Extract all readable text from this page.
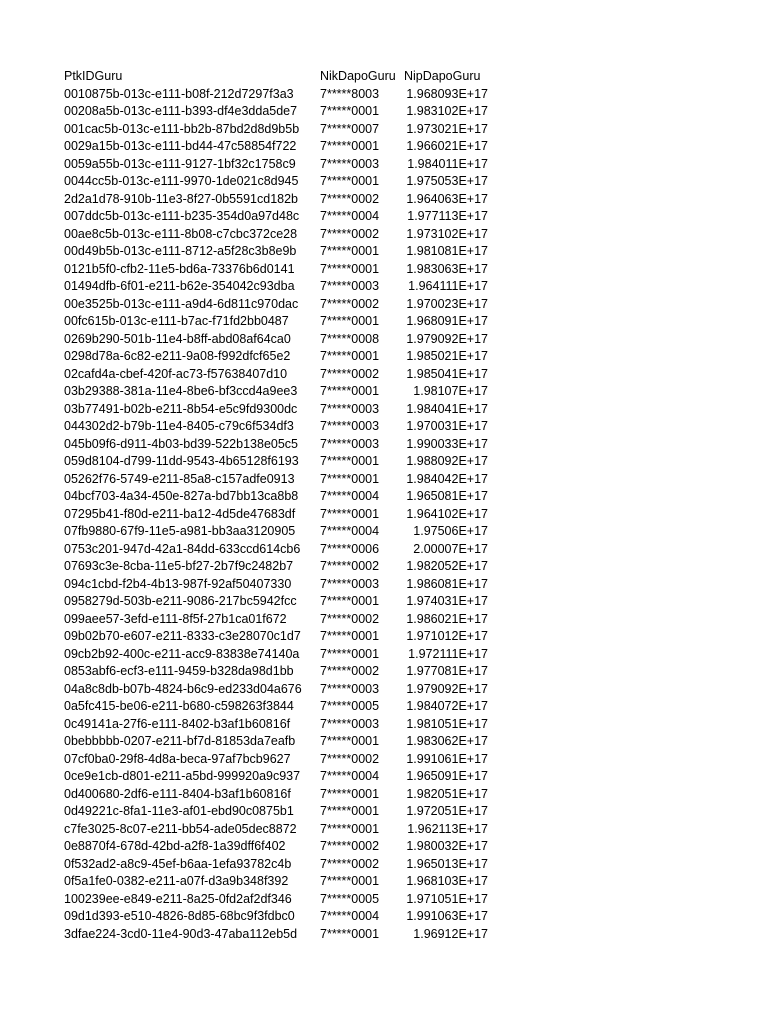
PtkIDGuru	NikDapoGuru NipDapoGuru
0010875b-013c-e111-b08f-212d7297f3a3	7*****8003	1.968093E+17
00208a5b-013c-e111-b393-df4e3dda5de7	7*****0001	1.983102E+17
001cac5b-013c-e111-bb2b-87bd2d8d9b5b	7*****0007	1.973021E+17
0029a15b-013c-e111-bd44-47c58854f722	7*****0001	1.966021E+17
0059a55b-013c-e111-9127-1bf32c1758c9	7*****0003	1.984011E+17
0044cc5b-013c-e111-9970-1de021c8d945	7*****0001	1.975053E+17
2d2a1d78-910b-11e3-8f27-0b5591cd182b	7*****0002	1.964063E+17
007ddc5b-013c-e111-b235-354d0a97d48c	7*****0004	1.977113E+17
00ae8c5b-013c-e111-8b08-c7cbc372ce28	7*****0002	1.973102E+17
00d49b5b-013c-e111-8712-a5f28c3b8e9b	7*****0001	1.981081E+17
0121b5f0-cfb2-11e5-bd6a-73376b6d0141	7*****0001	1.983063E+17
01494dfb-6f01-e211-b62e-354042c93dba	7*****0003	1.964111E+17
00e3525b-013c-e111-a9d4-6d811c970dac	7*****0002	1.970023E+17
00fc615b-013c-e111-b7ac-f71fd2bb0487	7*****0001	1.968091E+17
0269b290-501b-11e4-b8ff-abd08af64ca0	7*****0008	1.979092E+17
0298d78a-6c82-e211-9a08-f992dfcf65e2	7*****0001	1.985021E+17
02cafd4a-cbef-420f-ac73-f57638407d10	7*****0002	1.985041E+17
03b29388-381a-11e4-8be6-bf3ccd4a9ee3	7*****0001	1.98107E+17
03b77491-b02b-e211-8b54-e5c9fd9300dc	7*****0003	1.984041E+17
044302d2-b79b-11e4-8405-c79c6f534df3	7*****0003	1.970031E+17
045b09f6-d911-4b03-bd39-522b138e05c5	7*****0003	1.990033E+17
059d8104-d799-11dd-9543-4b65128f6193	7*****0001	1.988092E+17
05262f76-5749-e211-85a8-c157adfe0913	7*****0001	1.984042E+17
04bcf703-4a34-450e-827a-bd7bb13ca8b8	7*****0004	1.965081E+17
07295b41-f80d-e211-ba12-4d5de47683df	7*****0001	1.964102E+17
07fb9880-67f9-11e5-a981-bb3aa3120905	7*****0004	1.97506E+17
0753c201-947d-42a1-84dd-633ccd614cb6	7*****0006	2.00007E+17
07693c3e-8cba-11e5-bf27-2b7f9c2482b7	7*****0002	1.982052E+17
094c1cbd-f2b4-4b13-987f-92af50407330	7*****0003	1.986081E+17
0958279d-503b-e211-9086-217bc5942fcc	7*****0001	1.974031E+17
099aee57-3efd-e111-8f5f-27b1ca01f672	7*****0002	1.986021E+17
09b02b70-e607-e211-8333-c3e28070c1d7	7*****0001	1.971012E+17
09cb2b92-400c-e211-acc9-83838e74140a	7*****0001	1.972111E+17
0853abf6-ecf3-e111-9459-b328da98d1bb	7*****0002	1.977081E+17
04a8c8db-b07b-4824-b6c9-ed233d04a676	7*****0003	1.979092E+17
0a5fc415-be06-e211-b680-c598263f3844	7*****0005	1.984072E+17
0c49141a-27f6-e111-8402-b3af1b60816f	7*****0003	1.981051E+17
0bebbbbb-0207-e211-bf7d-81853da7eafb	7*****0001	1.983062E+17
07cf0ba0-29f8-4d8a-beca-97af7bcb9627	7*****0002	1.991061E+17
0ce9e1cb-d801-e211-a5bd-999920a9c937	7*****0004	1.965091E+17
0d400680-2df6-e111-8404-b3af1b60816f	7*****0001	1.982051E+17
0d49221c-8fa1-11e3-af01-ebd90c0875b1	7*****0001	1.972051E+17
c7fe3025-8c07-e211-bb54-ade05dec8872	7*****0001	1.962113E+17
0e8870f4-678d-42bd-a2f8-1a39dff6f402	7*****0002	1.980032E+17
0f532ad2-a8c9-45ef-b6aa-1efa93782c4b	7*****0002	1.965013E+17
0f5a1fe0-0382-e211-a07f-d3a9b348f392	7*****0001	1.968103E+17
100239ee-e849-e211-8a25-0fd2af2df346	7*****0005	1.971051E+17
09d1d393-e510-4826-8d85-68bc9f3fdbc0	7*****0004	1.991063E+17
3dfae224-3cd0-11e4-90d3-47aba112eb5d	7*****0001	1.96912E+17
